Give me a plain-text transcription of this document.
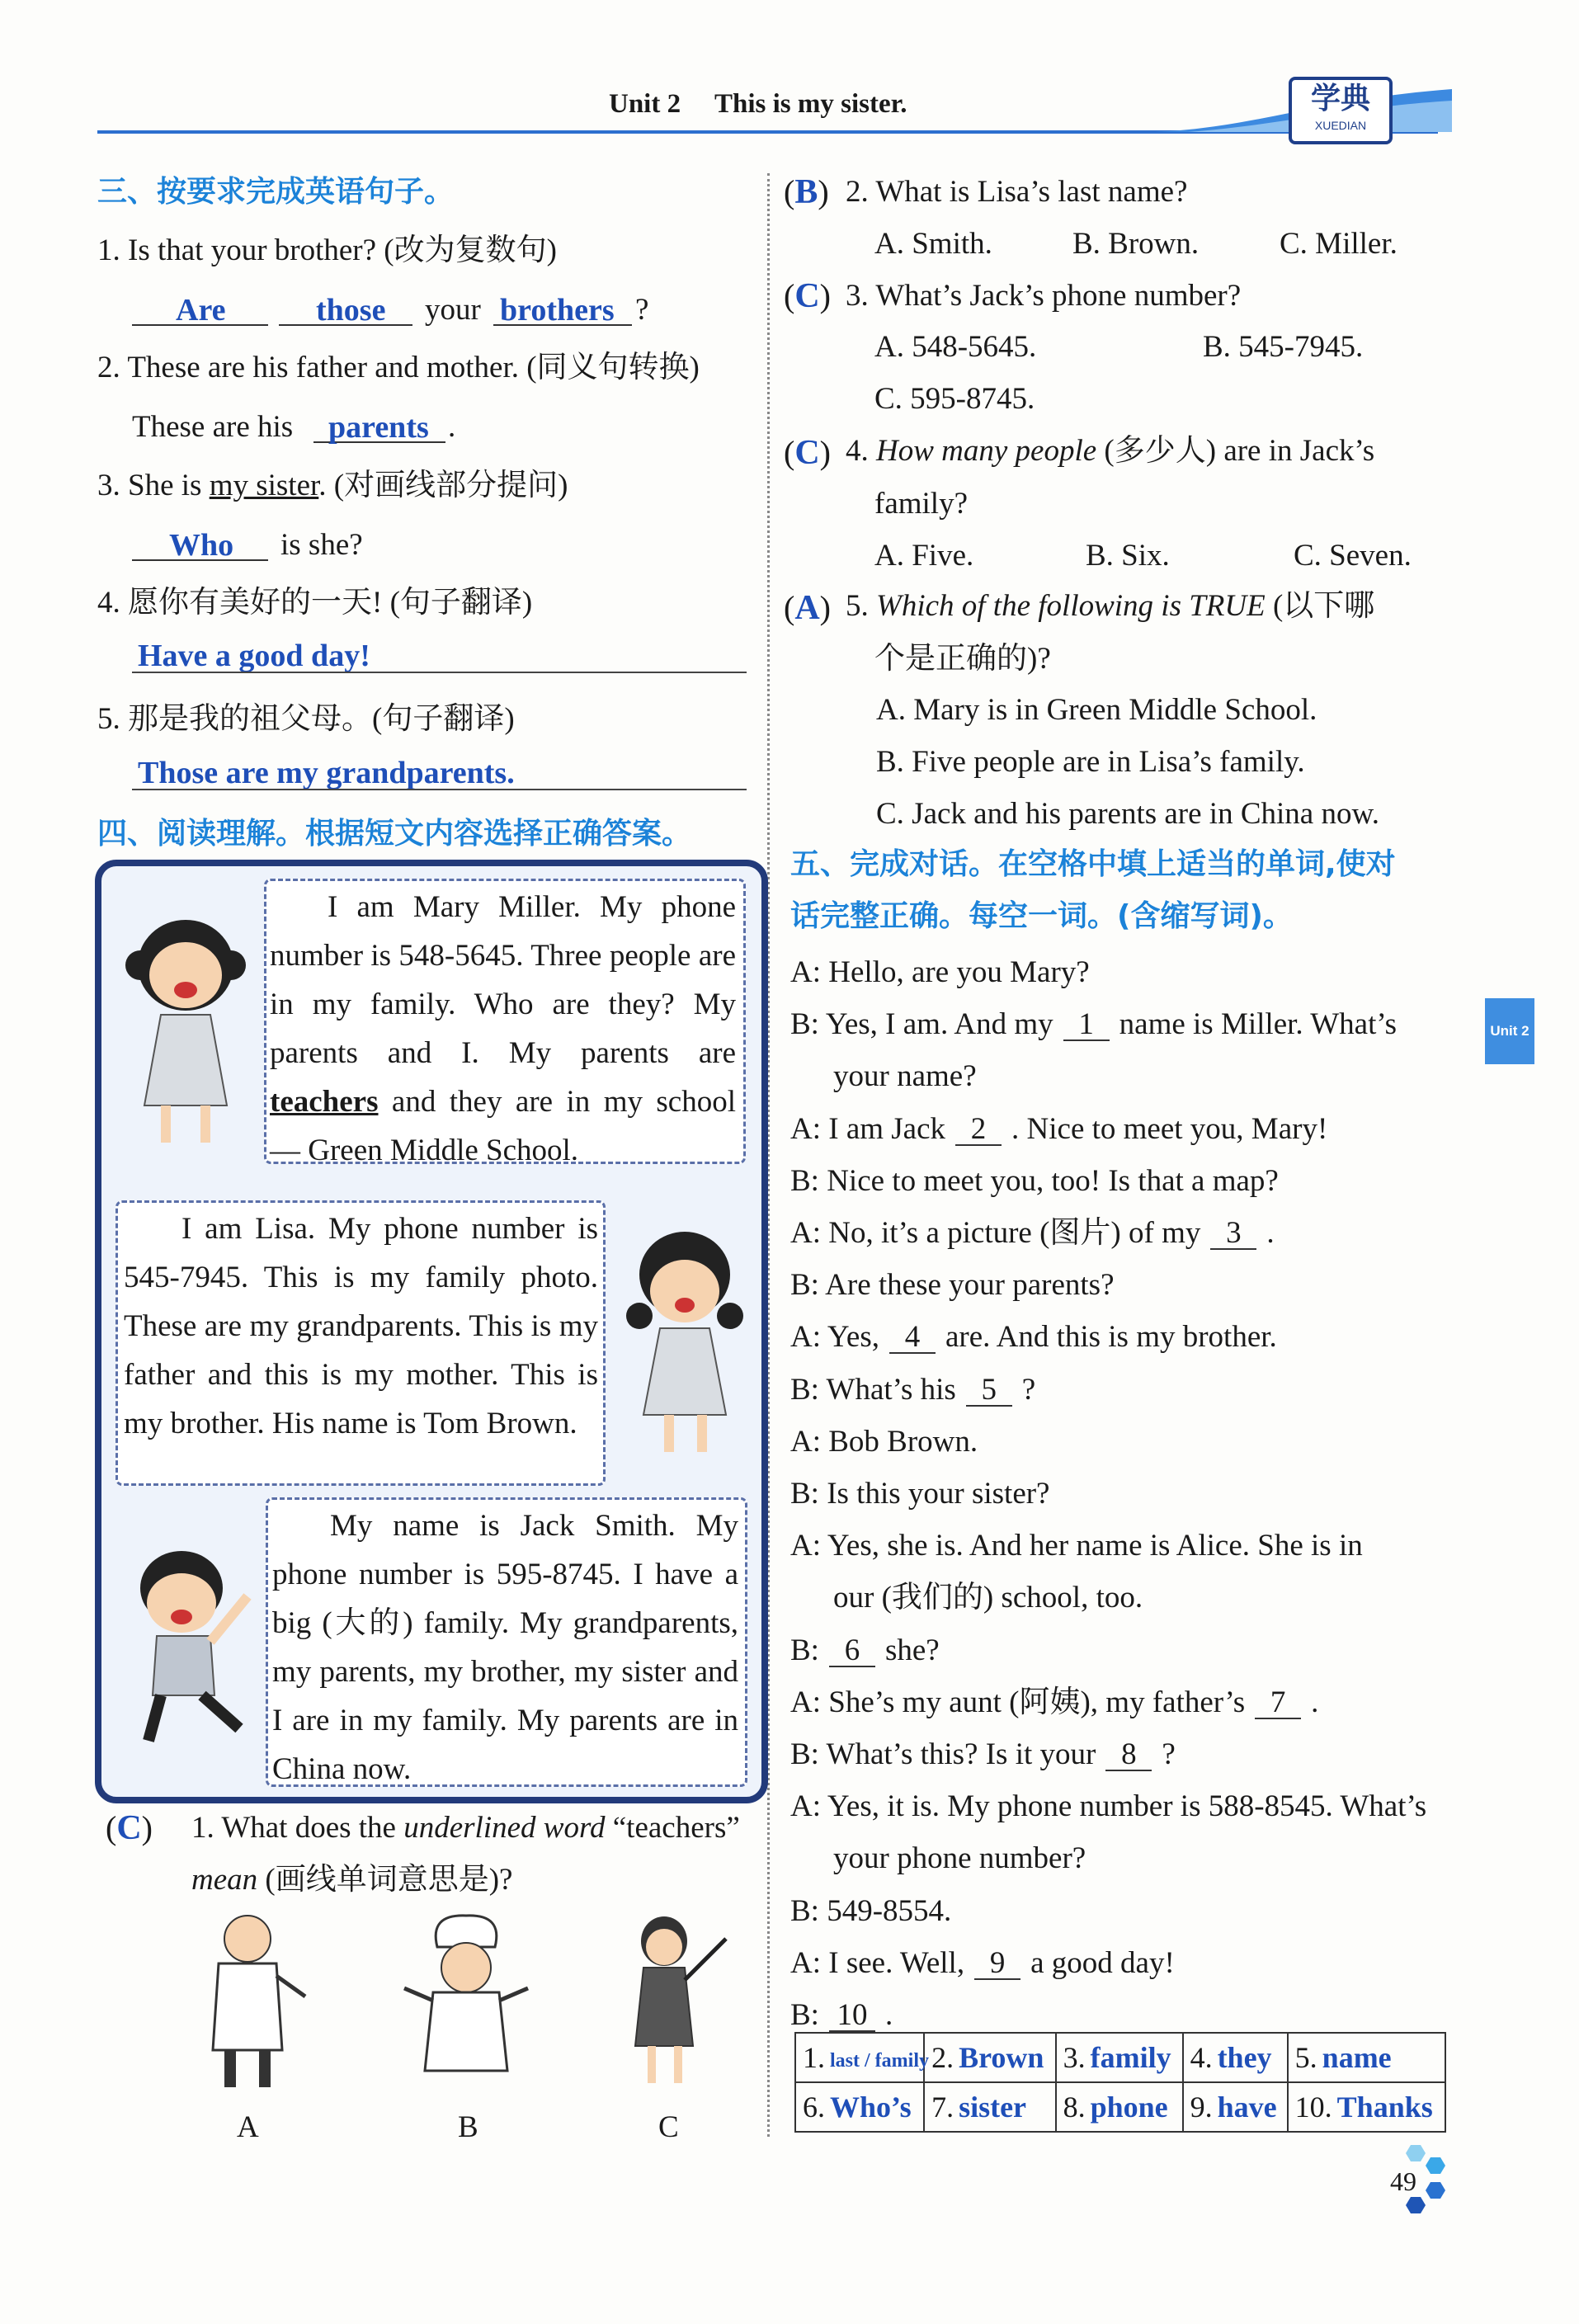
Unit 2 This is my sister.	学典
XUEDIAN
Unit 2
三、按要求完成英语句子。
1. Is that your brother? (改为复数句)
Are	those your brothers ?
2. These are his father and mother. (同义句转换)
These are his parents .
3. She is my sister. (对画线部分提问)
Who is she?
4. 愿你有美好的一天! (句子翻译)
Have a good day!
5. 那是我的祖父母。(句子翻译)
Those are my grandparents.
四、阅读理解。根据短文内容选择正确答案。
I am Mary Miller. My phone number is 548-5645. Three people are in my family. Who are they? My parents and I. My parents are teachers and they are in my school — Green Middle School.
I am Lisa. My phone number is 545-7945. This is my family photo. These are my grandparents. This is my father and this is my mother. This is my brother. His name is Tom Brown.
My name is Jack Smith. My phone number is 595-8745. I have a big (大的) family. My grandparents, my parents, my brother, my sister and I are in my family. My parents are in China now.
(C) 1. What does the underlined word “teachers”
mean (画线单词意思是)?
A	B	C
(B) 2. What is Lisa’s last name?
A. Smith.	B. Brown.	C. Miller.
(C) 3. What’s Jack’s phone number?
A. 548-5645.	B. 545-7945.
C. 595-8745.
(C) 4. How many people (多少人) are in Jack’s
family?
A. Five.	B. Six.	C. Seven.
(A) 5. Which of the following is TRUE (以下哪
个是正确的)?
A. Mary is in Green Middle School.
B. Five people are in Lisa’s family.
C. Jack and his parents are in China now.
五、完成对话。在空格中填上适当的单词,使对
话完整正确。每空一词。(含缩写词)。
A: Hello, are you Mary?
B: Yes, I am. And my 1 name is Miller. What’s
your name?
A: I am Jack 2 . Nice to meet you, Mary!
B: Nice to meet you, too! Is that a map?
A: No, it’s a picture (图片) of my 3 .
B: Are these your parents?
A: Yes, 4 are. And this is my brother.
B: What’s his 5 ?
A: Bob Brown.
B: Is this your sister?
A: Yes, she is. And her name is Alice. She is in
our (我们的) school, too.
B: 6 she?
A: She’s my aunt (阿姨), my father’s 7 .
B: What’s this? Is it your 8 ?
A: Yes, it is. My phone number is 588-8545. What’s
your phone number?
B: 549-8554.
A: I see. Well, 9 a good day!
B: 10 .
1. last / family	2. Brown	3. family	4. they	5. name
6. Who’s	7. sister	8. phone	9. have	10. Thanks
49
